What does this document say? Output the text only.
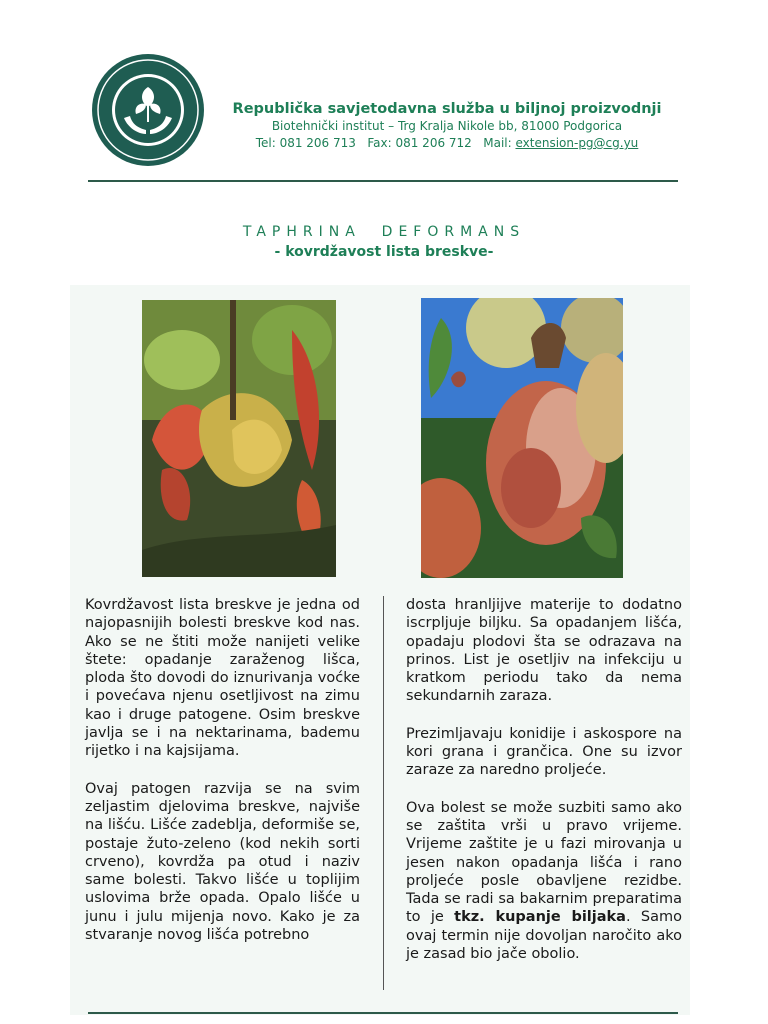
Republička savjetodavna služba u biljnoj proizvodnji
Biotehnički institut – Trg Kralja Nikole bb, 81000 Podgorica
Tel: 081 206 713   Fax: 081 206 712   Mail: extension-pg@cg.yu
TAPHRINA  DEFORMANS
- kovrdžavost lista breskve-

Kovrdžavost lista breskve je jedna od najopasnijih bolesti breskve kod nas. Ako se ne štiti može nanijeti velike štete: opadanje zaraženog lišca, ploda što dovodi do iznurivanja voćke i povećava njenu osetljivost na zimu kao i druge patogene. Osim breskve javlja se i na nektarinama, bademu rijetko i na kajsijama.

Ovaj patogen razvija se na svim zeljastim djelovima breskve, najviše na lišću. Lišće zadeblja, deformiše se, postaje žuto-zeleno (kod nekih sorti crveno), kovrdža pa otud i naziv same bolesti. Takvo lišće u toplijim uslovima brže opada. Opalo lišće u junu i julu mijenja novo. Kako je za stvaranje novog lišća potrebno

dosta hranljijve materije to dodatno iscrpljuje biljku. Sa opadanjem lišća, opadaju plodovi šta se odrazava na prinos. List je osetljiv na infekciju u kratkom periodu tako da nema sekundarnih zaraza.

Prezimljavaju konidije i askospore na kori grana i grančica. One su izvor zaraze za naredno proljeće.

Ova bolest se može suzbiti samo ako se zaštita vrši u pravo vrijeme. Vrijeme zaštite je u fazi mirovanja u jesen nakon opadanja lišća i rano proljeće posle obavljene rezidbe. Tada se radi sa bakarnim preparatima to je tkz. kupanje biljaka. Samo ovaj termin nije dovoljan naročito ako je zasad bio jače obolio.
